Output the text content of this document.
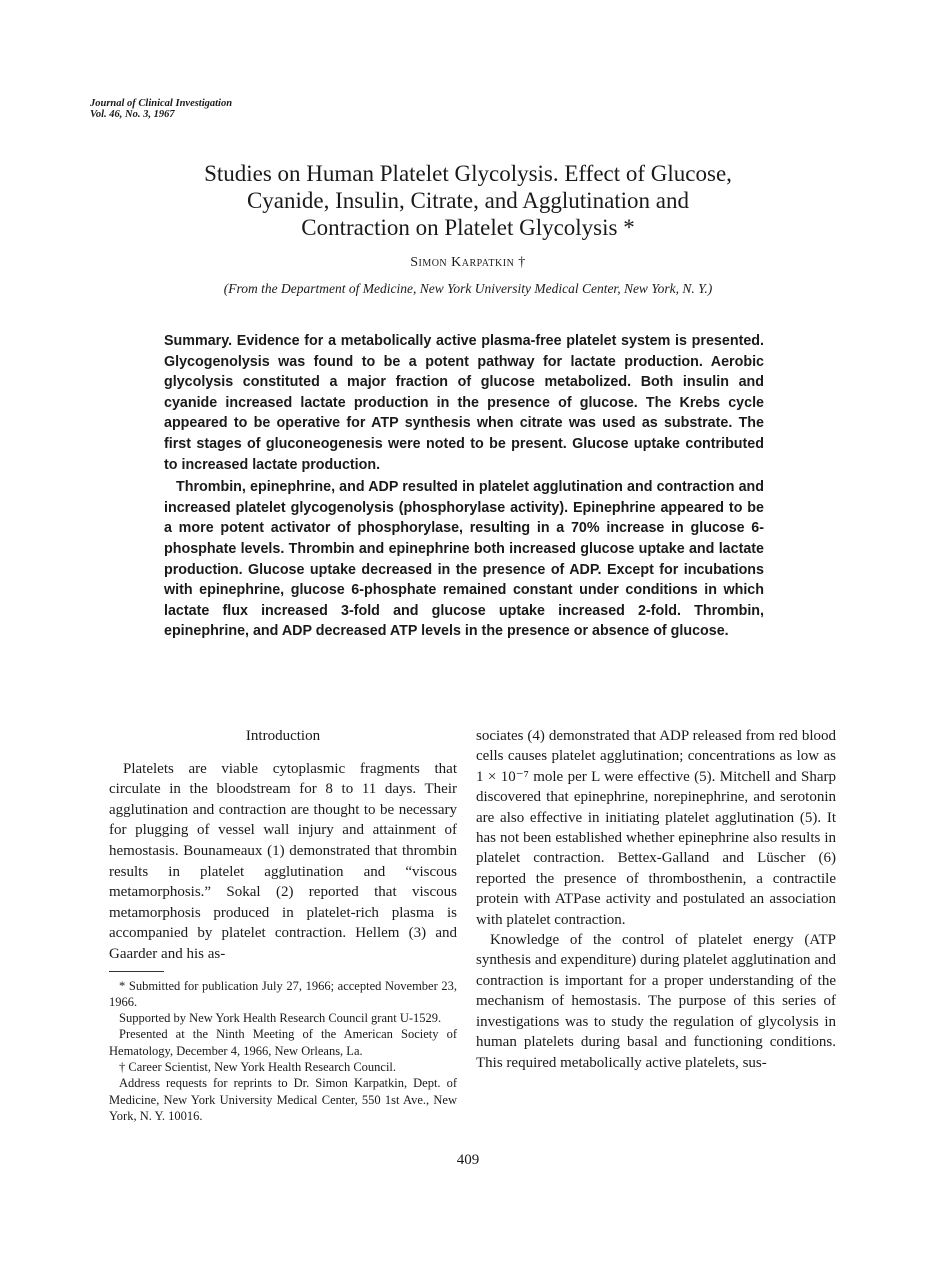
Journal of Clinical Investigation
Vol. 46, No. 3, 1967
Studies on Human Platelet Glycolysis. Effect of Glucose,
Cyanide, Insulin, Citrate, and Agglutination and
Contraction on Platelet Glycolysis *
Simon Karpatkin †
(From the Department of Medicine, New York University Medical Center, New York, N. Y.)

Summary. Evidence for a metabolically active plasma-free platelet system is presented. Glycogenolysis was found to be a potent pathway for lactate production. Aerobic glycolysis constituted a major fraction of glucose metabolized. Both insulin and cyanide increased lactate production in the presence of glucose. The Krebs cycle appeared to be operative for ATP synthesis when citrate was used as substrate. The first stages of gluconeogenesis were noted to be present. Glucose uptake contributed to increased lactate production.

Thrombin, epinephrine, and ADP resulted in platelet agglutination and contraction and increased platelet glycogenolysis (phosphorylase activity). Epinephrine appeared to be a more potent activator of phosphorylase, resulting in a 70% increase in glucose 6-phosphate levels. Thrombin and epinephrine both increased glucose uptake and lactate production. Glucose uptake decreased in the presence of ADP. Except for incubations with epinephrine, glucose 6-phosphate remained constant under conditions in which lactate flux increased 3-fold and glucose uptake increased 2-fold. Thrombin, epinephrine, and ADP decreased ATP levels in the presence or absence of glucose.

Introduction

Platelets are viable cytoplasmic fragments that circulate in the bloodstream for 8 to 11 days. Their agglutination and contraction are thought to be necessary for plugging of vessel wall injury and attainment of hemostasis. Bounameaux (1) demonstrated that thrombin results in platelet agglutination and “viscous metamorphosis.” Sokal (2) reported that viscous metamorphosis produced in platelet-rich plasma is accompanied by platelet contraction. Hellem (3) and Gaarder and his as-

* Submitted for publication July 27, 1966; accepted November 23, 1966.

Supported by New York Health Research Council grant U-1529.

Presented at the Ninth Meeting of the American Society of Hematology, December 4, 1966, New Orleans, La.

† Career Scientist, New York Health Research Council.

Address requests for reprints to Dr. Simon Karpatkin, Dept. of Medicine, New York University Medical Center, 550 1st Ave., New York, N. Y. 10016.

sociates (4) demonstrated that ADP released from red blood cells causes platelet agglutination; concentrations as low as 1 × 10⁻⁷ mole per L were effective (5). Mitchell and Sharp discovered that epinephrine, norepinephrine, and serotonin are also effective in initiating platelet agglutination (5). It has not been established whether epinephrine also results in platelet contraction. Bettex-Galland and Lüscher (6) reported the presence of thrombosthenin, a contractile protein with ATPase activity and postulated an association with platelet contraction.

Knowledge of the control of platelet energy (ATP synthesis and expenditure) during platelet agglutination and contraction is important for a proper understanding of the mechanism of hemostasis. The purpose of this series of investigations was to study the regulation of glycolysis in human platelets during basal and functioning conditions. This required metabolically active platelets, sus-

409
